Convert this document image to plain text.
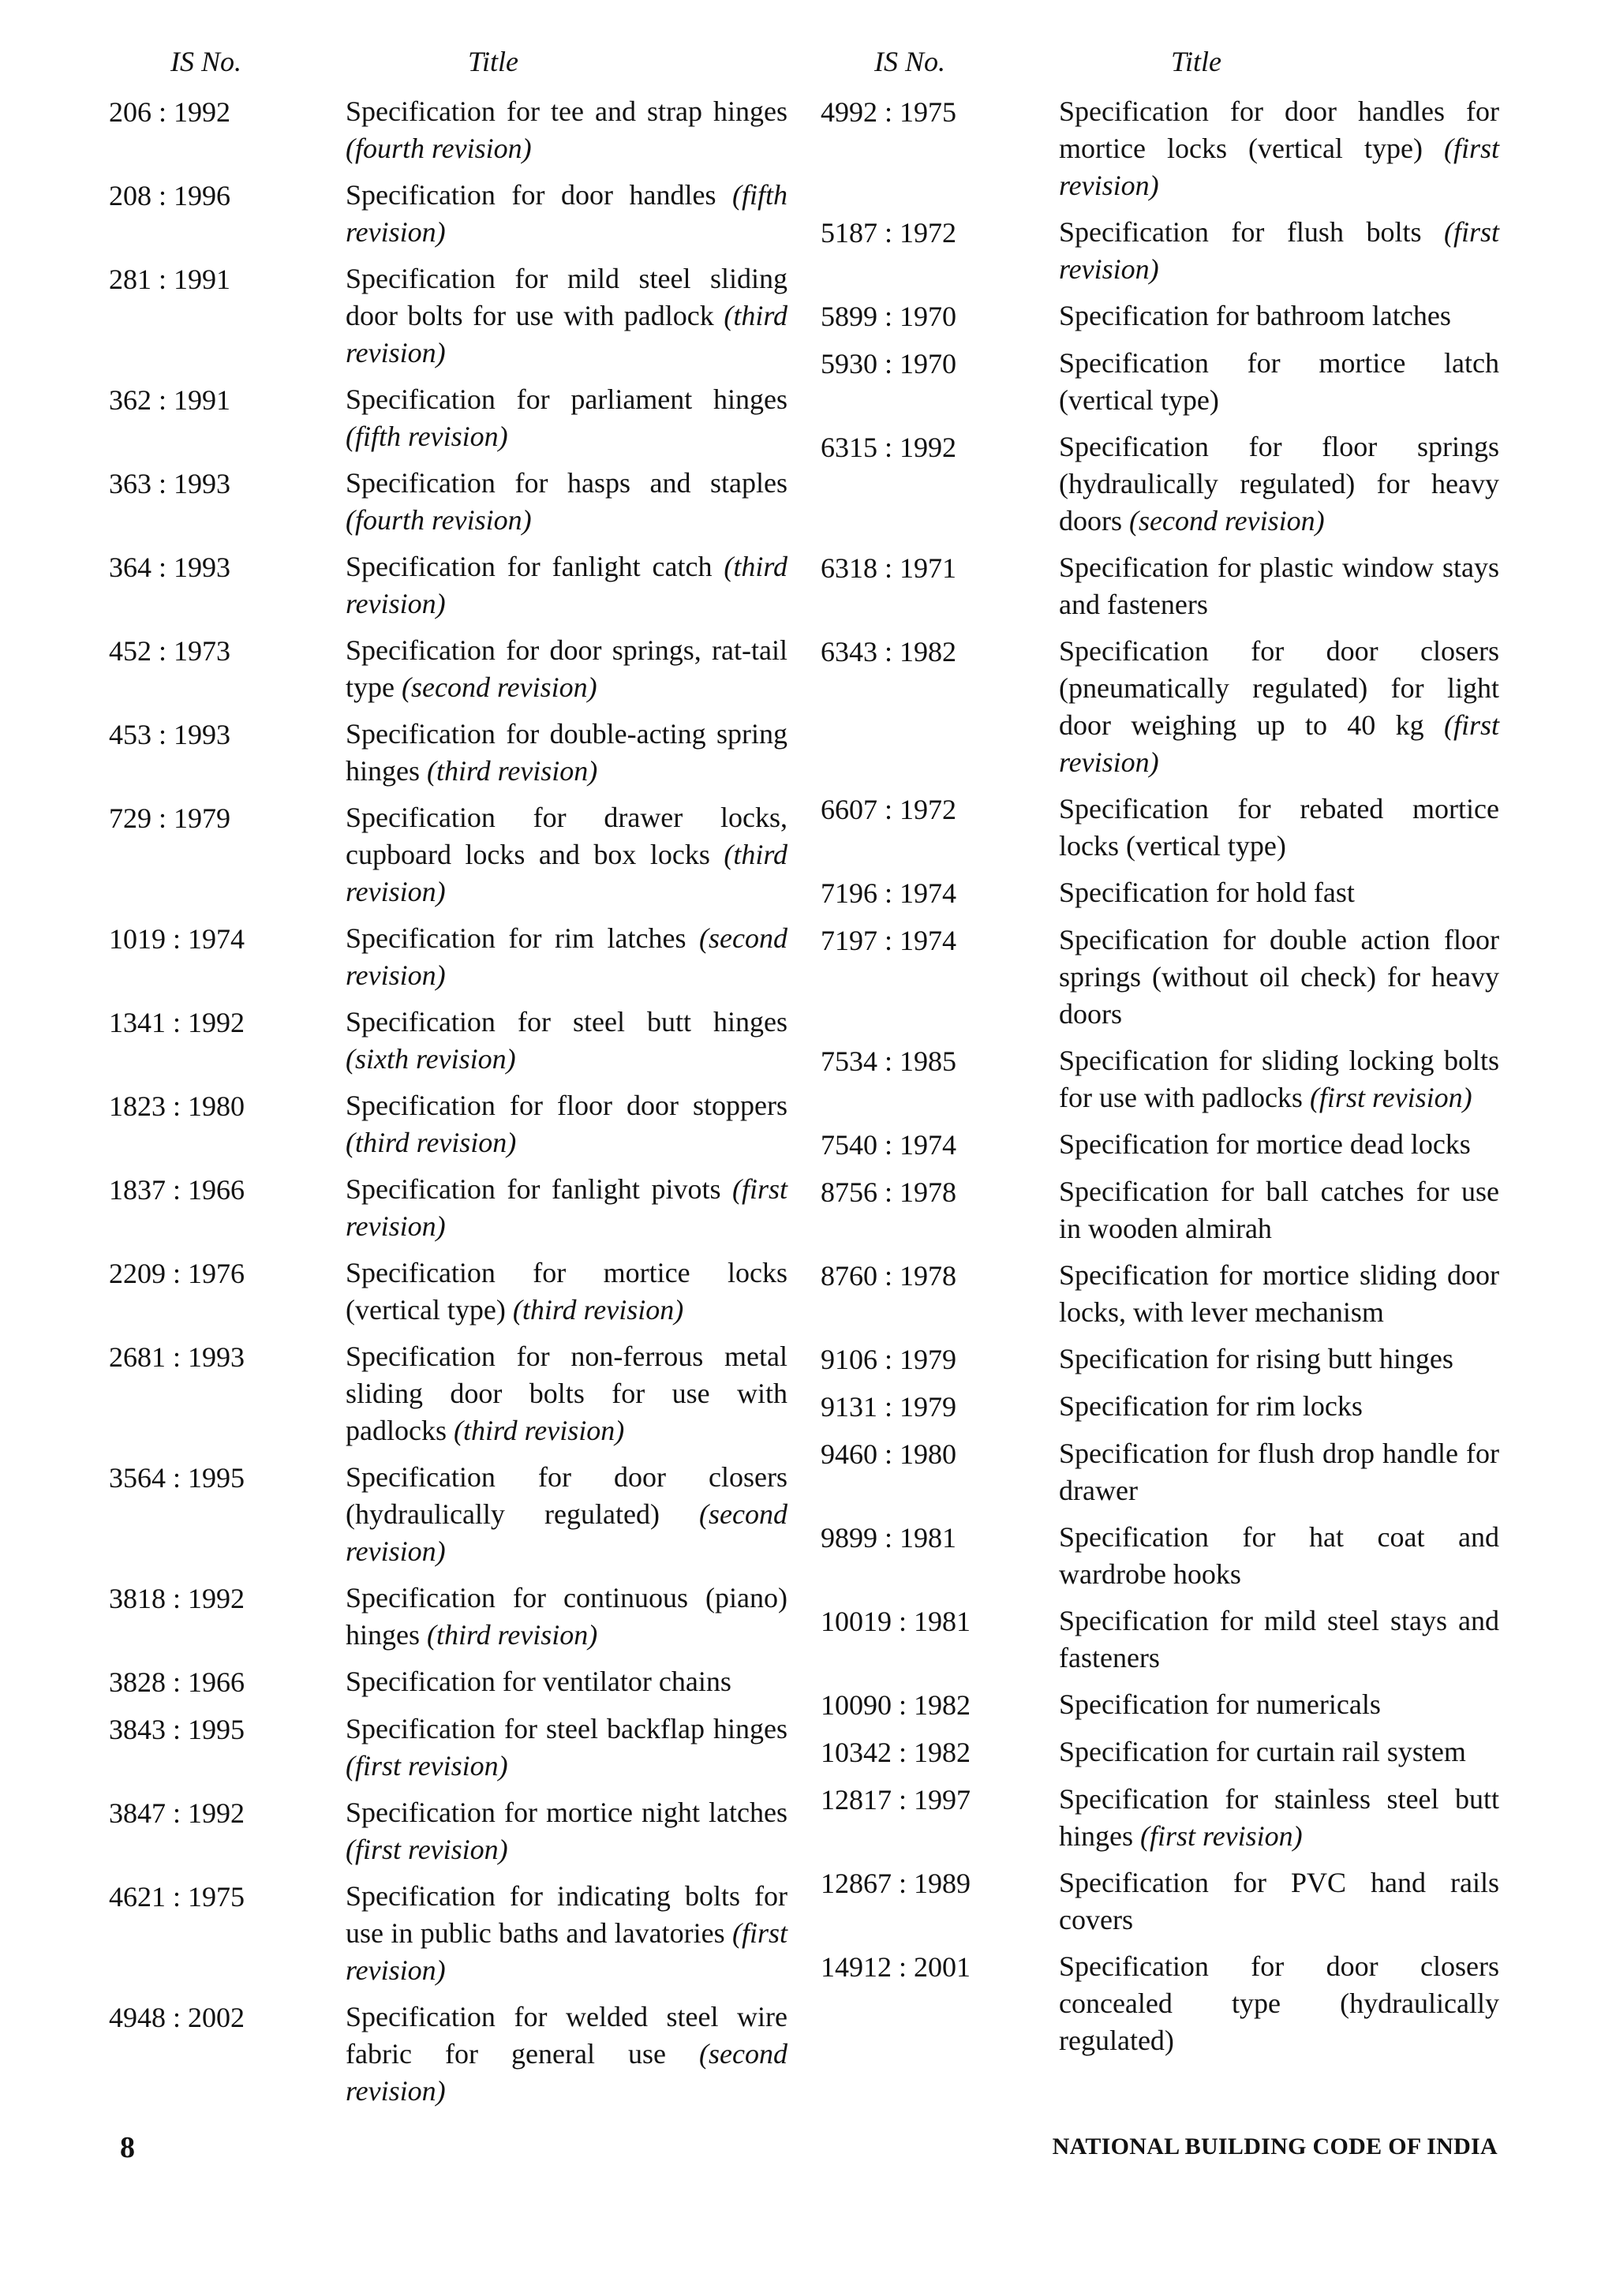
IS No.	Title
206 : 1992	Specification for tee and strap hinges (fourth revision)
208 : 1996	Specification for door handles (fifth revision)
281 : 1991	Specification for mild steel sliding door bolts for use with padlock (third revision)
362 : 1991	Specification for parliament hinges (fifth revision)
363 : 1993	Specification for hasps and staples (fourth revision)
364 : 1993	Specification for fanlight catch (third revision)
452 : 1973	Specification for door springs, rat-tail type (second revision)
453 : 1993	Specification for double-acting spring hinges (third revision)
729 : 1979	Specification for drawer locks, cupboard locks and box locks (third revision)
1019 : 1974	Specification for rim latches (second revision)
1341 : 1992	Specification for steel butt hinges (sixth revision)
1823 : 1980	Specification for floor door stoppers (third revision)
1837 : 1966	Specification for fanlight pivots (first revision)
2209 : 1976	Specification for mortice locks (vertical type) (third revision)
2681 : 1993	Specification for non-ferrous metal sliding door bolts for use with padlocks (third revision)
3564 : 1995	Specification for door closers (hydraulically regulated) (second revision)
3818 : 1992	Specification for continuous (piano) hinges (third revision)
3828 : 1966	Specification for ventilator chains
3843 : 1995	Specification for steel backflap hinges (first revision)
3847 : 1992	Specification for mortice night latches (first revision)
4621 : 1975	Specification for indicating bolts for use in public baths and lavatories (first revision)
4948 : 2002	Specification for welded steel wire fabric for general use (second revision)
IS No.	Title
4992 : 1975	Specification for door handles for mortice locks (vertical type) (first revision)
5187 : 1972	Specification for flush bolts (first revision)
5899 : 1970	Specification for bathroom latches
5930 : 1970	Specification for mortice latch (vertical type)
6315 : 1992	Specification for floor springs (hydraulically regulated) for heavy doors (second revision)
6318 : 1971	Specification for plastic window stays and fasteners
6343 : 1982	Specification for door closers (pneumatically regulated) for light door weighing up to 40 kg (first revision)
6607 : 1972	Specification for rebated mortice locks (vertical type)
7196 : 1974	Specification for hold fast
7197 : 1974	Specification for double action floor springs (without oil check) for heavy doors
7534 : 1985	Specification for sliding locking bolts for use with padlocks (first revision)
7540 : 1974	Specification for mortice dead locks
8756 : 1978	Specification for ball catches for use in wooden almirah
8760 : 1978	Specification for mortice sliding door locks, with lever mechanism
9106 : 1979	Specification for rising butt hinges
9131 : 1979	Specification for rim locks
9460 : 1980	Specification for flush drop handle for drawer
9899 : 1981	Specification for hat coat and wardrobe hooks
10019 : 1981	Specification for mild steel stays and fasteners
10090 : 1982	Specification for numericals
10342 : 1982	Specification for curtain rail system
12817 : 1997	Specification for stainless steel butt hinges (first revision)
12867 : 1989	Specification for PVC hand rails covers
14912 : 2001	Specification for door closers concealed type (hydraulically regulated)
8	NATIONAL BUILDING CODE OF INDIA
